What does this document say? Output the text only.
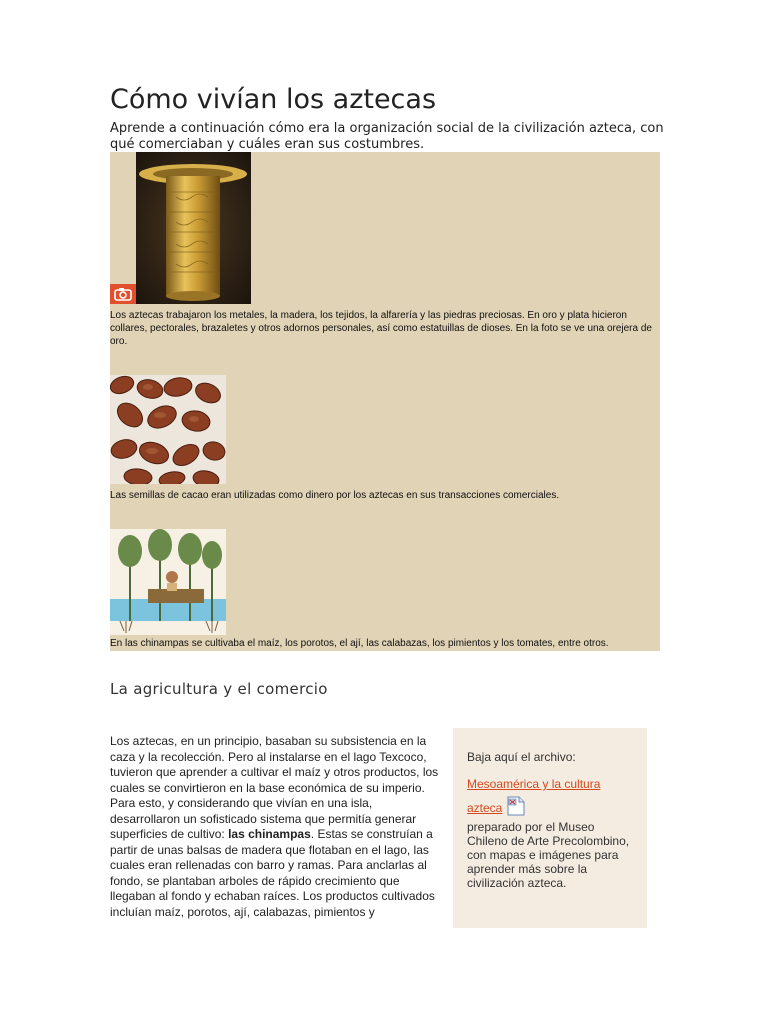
Cómo vivían los aztecas

Aprende a continuación cómo era la organización social de la civilización azteca, con qué comerciaban y cuáles eran sus costumbres.

Los aztecas trabajaron los metales, la madera, los tejidos, la alfarería y las piedras preciosas. En oro y plata hicieron collares, pectorales, brazaletes y otros adornos personales, así como estatuillas de dioses. En la foto se ve una orejera de oro.

Las semillas de cacao eran utilizadas como dinero por los aztecas en sus transacciones comerciales.

En las chinampas se cultivaba el maíz, los porotos, el ají, las calabazas, los pimientos y los tomates, entre otros.

La agricultura y el comercio

Los aztecas, en un principio, basaban su subsistencia en la caza y la recolección. Pero al instalarse en el lago Texcoco, tuvieron que aprender a cultivar el maíz y otros productos, los cuales se convirtieron en la base económica de su imperio. Para esto, y considerando que vivían en una isla, desarrollaron un sofisticado sistema que permitía generar superficies de cultivo: las chinampas. Estas se construían a partir de unas balsas de madera que flotaban en el lago, las cuales eran rellenadas con barro y ramas. Para anclarlas al fondo, se plantaban arboles de rápido crecimiento que llegaban al fondo y echaban raíces. Los productos cultivados incluían maíz, porotos, ají, calabazas, pimientos y

Baja aquí el archivo:

Mesoamérica y la cultura azteca

preparado por el Museo Chileno de Arte Precolombino, con mapas e imágenes para aprender más sobre la civilización azteca.
